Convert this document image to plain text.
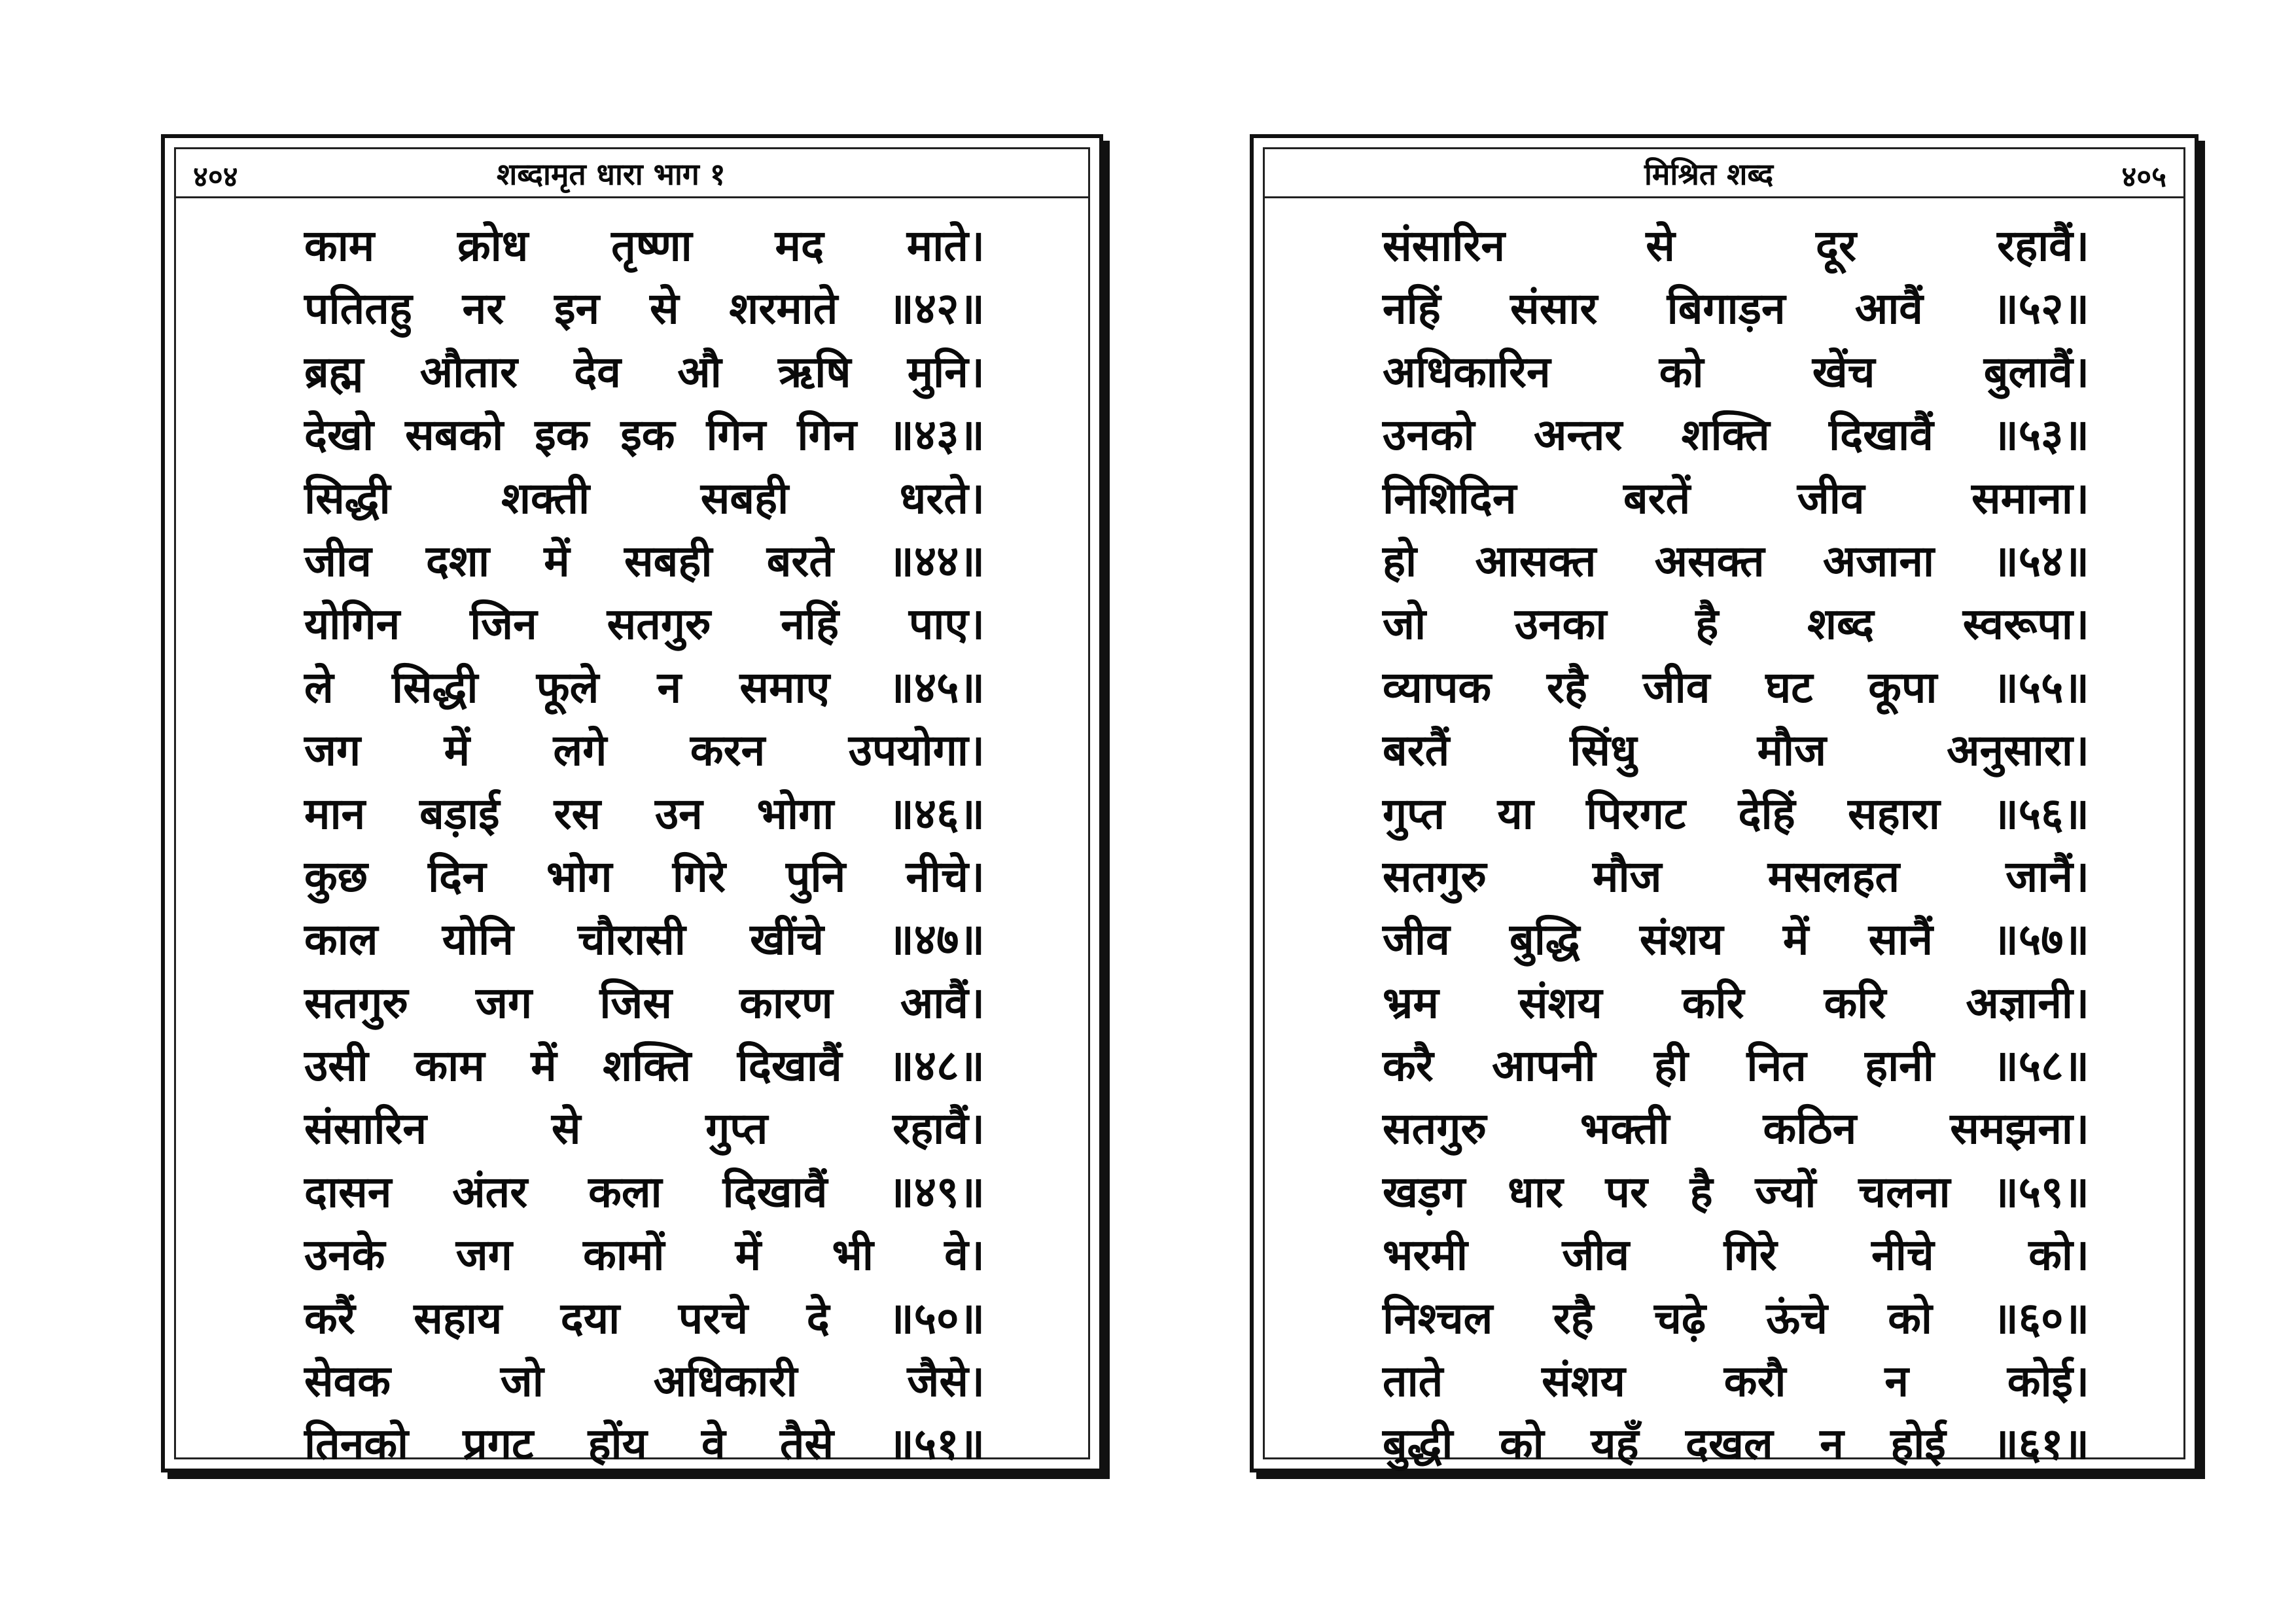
४०४	शब्दामृत धारा भाग १
काम क्रोध तृष्णा मद माते।
पतितहु नर इन से शरमाते ॥४२॥
ब्रह्म औतार देव औ ऋषि मुनि।
देखो सबको इक इक गिन गिन ॥४३॥
सिद्धी	शक्ती	सबही	धरते।
जीव दशा में सबही बरते ॥४४॥
योगिन जिन सतगुरु नहिं पाए।
ले सिद्धी फूले न समाए ॥४५॥
जग में लगे करन उपयोगा।
मान बड़ाई रस उन भोगा ॥४६॥
कुछ दिन भोग गिरे पुनि नीचे।
काल योनि चौरासी खींचे ॥४७॥
सतगुरु जग जिस कारण आवैं।
उसी काम में शक्ति दिखावैं ॥४८॥
संसारिन	से	गुप्त	रहावैं।
दासन अंतर कला दिखावैं ॥४९॥
उनके जग कामों में भी वे।
करैं सहाय दया परचे दे ॥५०॥
सेवक	जो	अधिकारी	जैसे।
तिनको प्रगट होंय वे तैसे ॥५१॥
मिश्रित शब्द	४०५
संसारिन	से	दूर	रहावैं।
नहिं संसार बिगाड़न आवैं ॥५२॥
अधिकारिन	को	खेंच	बुलावैं।
उनको अन्तर शक्ति दिखावैं ॥५३॥
निशिदिन बरतें जीव समाना।
हो आसक्त असक्त अजाना ॥५४॥
जो उनका है शब्द स्वरूपा।
व्यापक रहै जीव घट कूपा ॥५५॥
बरतैं	सिंधु	मौज	अनुसारा।
गुप्त या पिरगट देहिं सहारा ॥५६॥
सतगुरु मौज मसलहत जानैं।
जीव बुद्धि संशय में सानैं ॥५७॥
भ्रम संशय करि करि अज्ञानी।
करै आपनी ही नित हानी ॥५८॥
सतगुरु भक्ती कठिन समझना।
खड़ग धार पर है ज्यों चलना ॥५९॥
भरमी जीव गिरे नीचे को।
निश्चल रहै चढ़े ऊंचे को ॥६०॥
ताते संशय करौ न कोई।
बुद्धी को यहँ दखल न होई ॥६१॥
